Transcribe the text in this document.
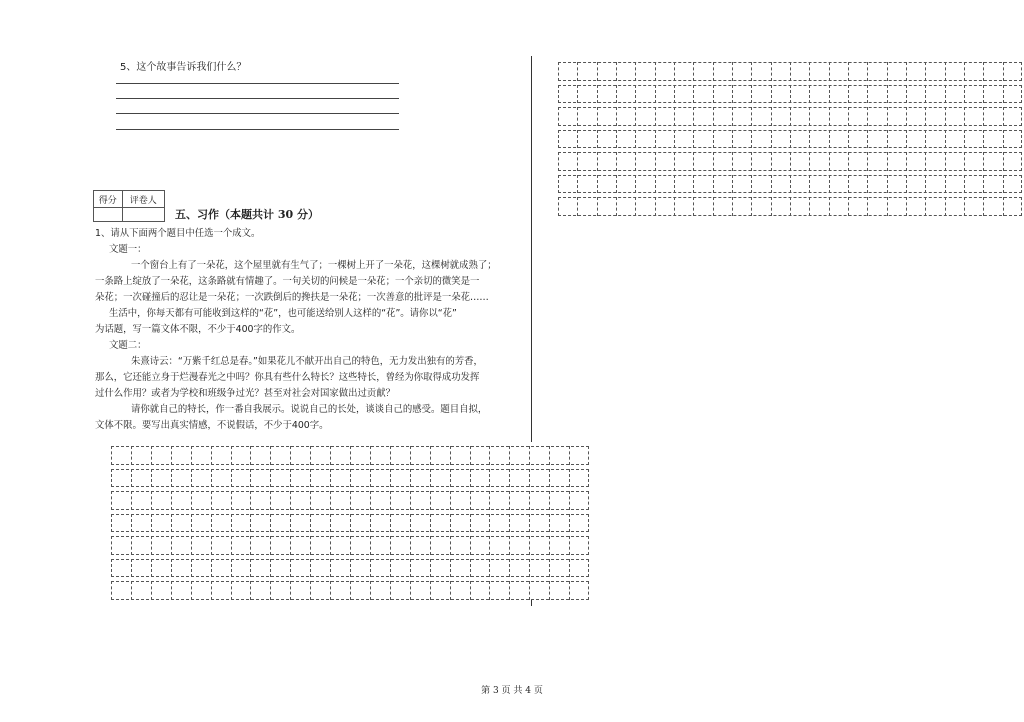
5、这个故事告诉我们什么？
得分	评卷人
五、习作（本题共计 30 分）
1、请从下面两个题目中任选一个成文。
文题一：
一个窗台上有了一朵花，这个屋里就有生气了；一棵树上开了一朵花，这棵树就成熟了；
一条路上绽放了一朵花，这条路就有情趣了。一句关切的问候是一朵花；一个亲切的微笑是一
朵花；一次碰撞后的忍让是一朵花；一次跌倒后的搀扶是一朵花；一次善意的批评是一朵花……
生活中，你每天都有可能收到这样的“花”，也可能送给别人这样的“花”。请你以“花”
为话题，写一篇文体不限，不少于400字的作文。
文题二：
朱熹诗云：“万紫千红总是春。”如果花儿不献开出自己的特色，无力发出独有的芳香，
那么，它还能立身于烂漫春光之中吗？你具有些什么特长？这些特长，曾经为你取得成功发挥
过什么作用？或者为学校和班级争过光？甚至对社会对国家做出过贡献？
请你就自己的特长，作一番自我展示。说说自己的长处，谈谈自己的感受。题目自拟，
文体不限。要写出真实情感，不说假话，不少于400字。
第 3 页 共 4 页
